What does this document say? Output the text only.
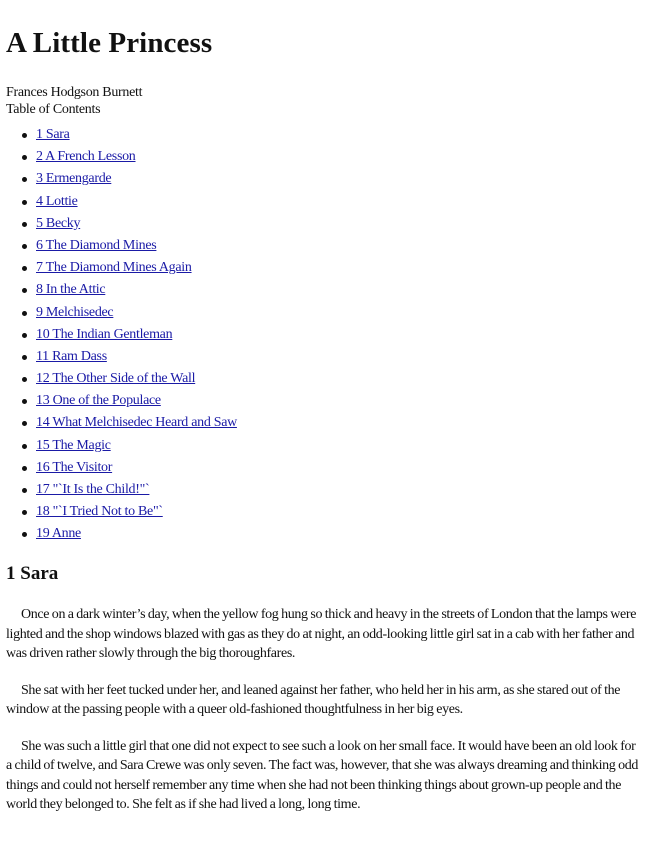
A Little Princess
Frances Hodgson Burnett
Table of Contents
1 Sara
2 A French Lesson
3 Ermengarde
4 Lottie
5 Becky
6 The Diamond Mines
7 The Diamond Mines Again
8 In the Attic
9 Melchisedec
10 The Indian Gentleman
11 Ram Dass
12 The Other Side of the Wall
13 One of the Populace
14 What Melchisedec Heard and Saw
15 The Magic
16 The Visitor
17 "`It Is the Child!"`
18 "`I Tried Not to Be"`
19 Anne
1 Sara

Once on a dark winter’s day, when the yellow fog hung so thick and heavy in the streets of London that the lamps were lighted and the shop windows blazed with gas as they do at night, an odd-looking little girl sat in a cab with her father and was driven rather slowly through the big thoroughfares.

She sat with her feet tucked under her, and leaned against her father, who held her in his arm, as she stared out of the window at the passing people with a queer old-fashioned thoughtfulness in her big eyes.

She was such a little girl that one did not expect to see such a look on her small face. It would have been an old look for a child of twelve, and Sara Crewe was only seven. The fact was, however, that she was always dreaming and thinking odd things and could not herself remember any time when she had not been thinking things about grown-up people and the world they belonged to. She felt as if she had lived a long, long time.
